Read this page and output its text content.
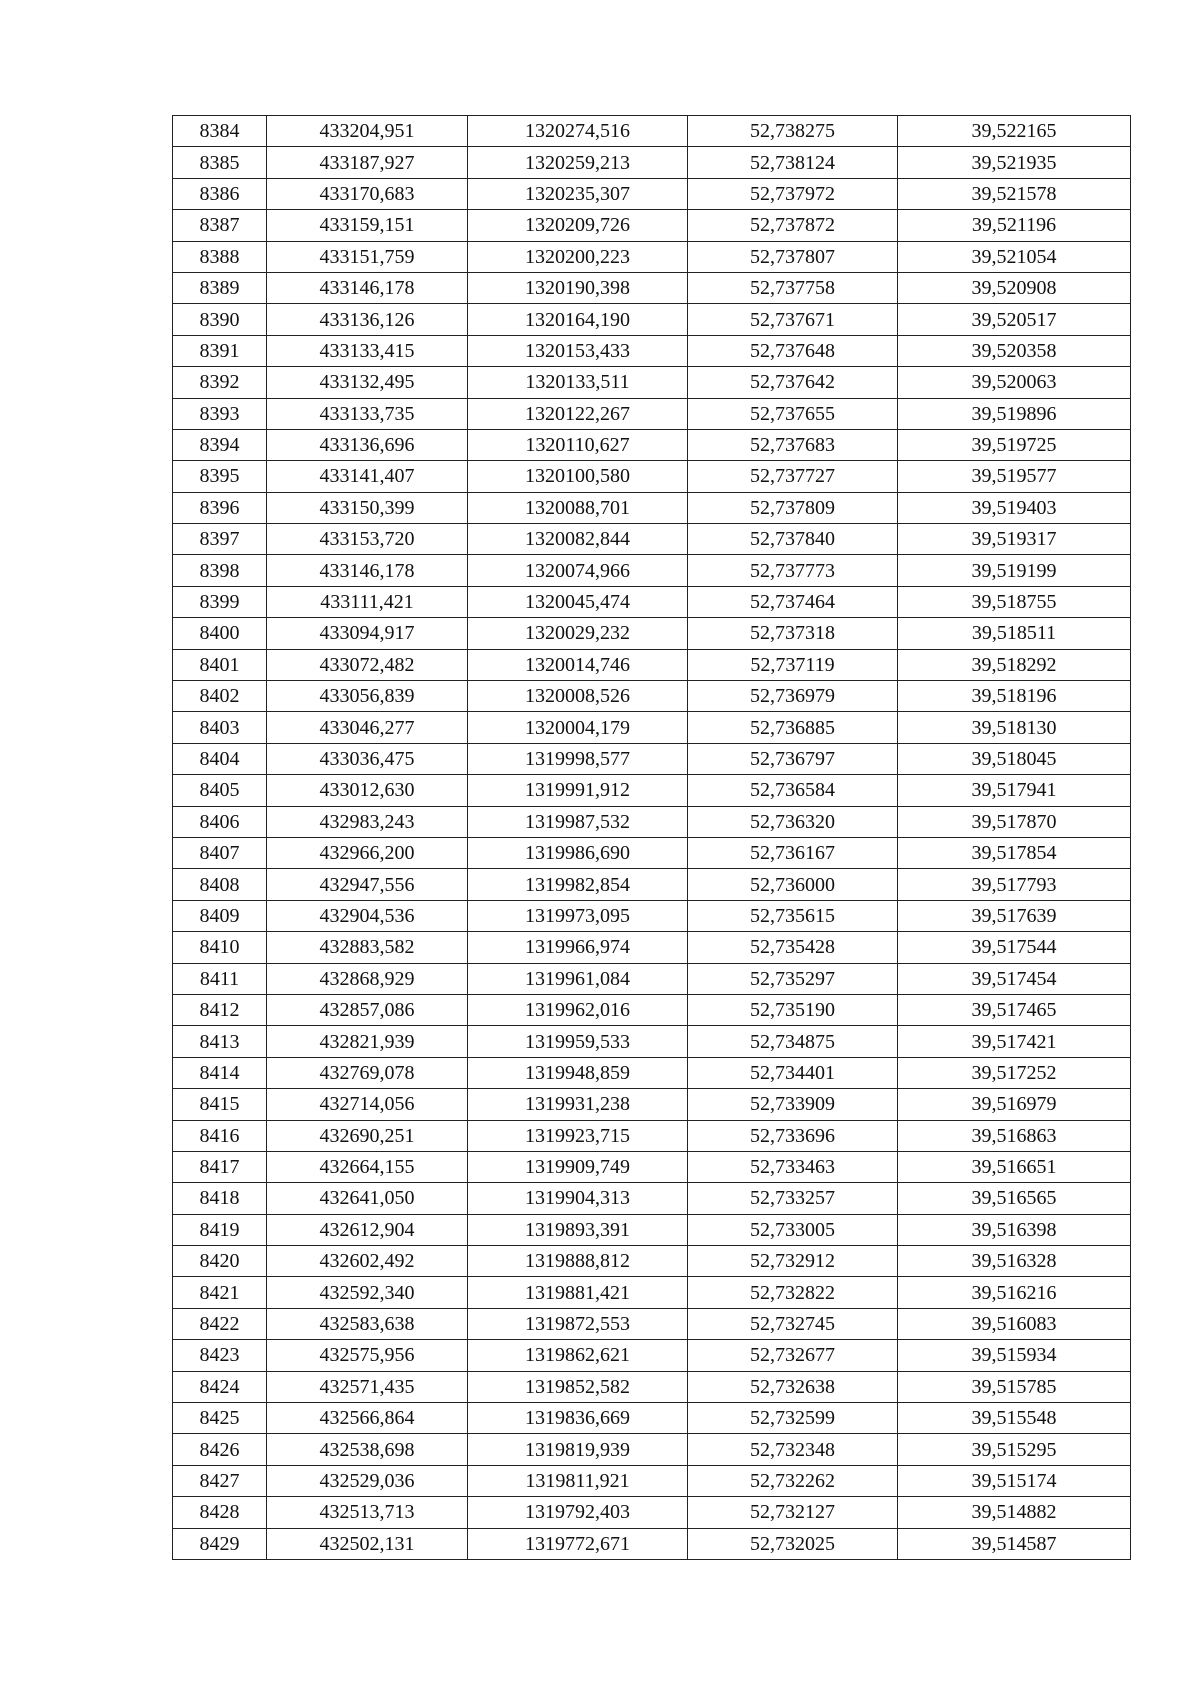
8384	433204,951	1320274,516	52,738275	39,522165
8385	433187,927	1320259,213	52,738124	39,521935
8386	433170,683	1320235,307	52,737972	39,521578
8387	433159,151	1320209,726	52,737872	39,521196
8388	433151,759	1320200,223	52,737807	39,521054
8389	433146,178	1320190,398	52,737758	39,520908
8390	433136,126	1320164,190	52,737671	39,520517
8391	433133,415	1320153,433	52,737648	39,520358
8392	433132,495	1320133,511	52,737642	39,520063
8393	433133,735	1320122,267	52,737655	39,519896
8394	433136,696	1320110,627	52,737683	39,519725
8395	433141,407	1320100,580	52,737727	39,519577
8396	433150,399	1320088,701	52,737809	39,519403
8397	433153,720	1320082,844	52,737840	39,519317
8398	433146,178	1320074,966	52,737773	39,519199
8399	433111,421	1320045,474	52,737464	39,518755
8400	433094,917	1320029,232	52,737318	39,518511
8401	433072,482	1320014,746	52,737119	39,518292
8402	433056,839	1320008,526	52,736979	39,518196
8403	433046,277	1320004,179	52,736885	39,518130
8404	433036,475	1319998,577	52,736797	39,518045
8405	433012,630	1319991,912	52,736584	39,517941
8406	432983,243	1319987,532	52,736320	39,517870
8407	432966,200	1319986,690	52,736167	39,517854
8408	432947,556	1319982,854	52,736000	39,517793
8409	432904,536	1319973,095	52,735615	39,517639
8410	432883,582	1319966,974	52,735428	39,517544
8411	432868,929	1319961,084	52,735297	39,517454
8412	432857,086	1319962,016	52,735190	39,517465
8413	432821,939	1319959,533	52,734875	39,517421
8414	432769,078	1319948,859	52,734401	39,517252
8415	432714,056	1319931,238	52,733909	39,516979
8416	432690,251	1319923,715	52,733696	39,516863
8417	432664,155	1319909,749	52,733463	39,516651
8418	432641,050	1319904,313	52,733257	39,516565
8419	432612,904	1319893,391	52,733005	39,516398
8420	432602,492	1319888,812	52,732912	39,516328
8421	432592,340	1319881,421	52,732822	39,516216
8422	432583,638	1319872,553	52,732745	39,516083
8423	432575,956	1319862,621	52,732677	39,515934
8424	432571,435	1319852,582	52,732638	39,515785
8425	432566,864	1319836,669	52,732599	39,515548
8426	432538,698	1319819,939	52,732348	39,515295
8427	432529,036	1319811,921	52,732262	39,515174
8428	432513,713	1319792,403	52,732127	39,514882
8429	432502,131	1319772,671	52,732025	39,514587
